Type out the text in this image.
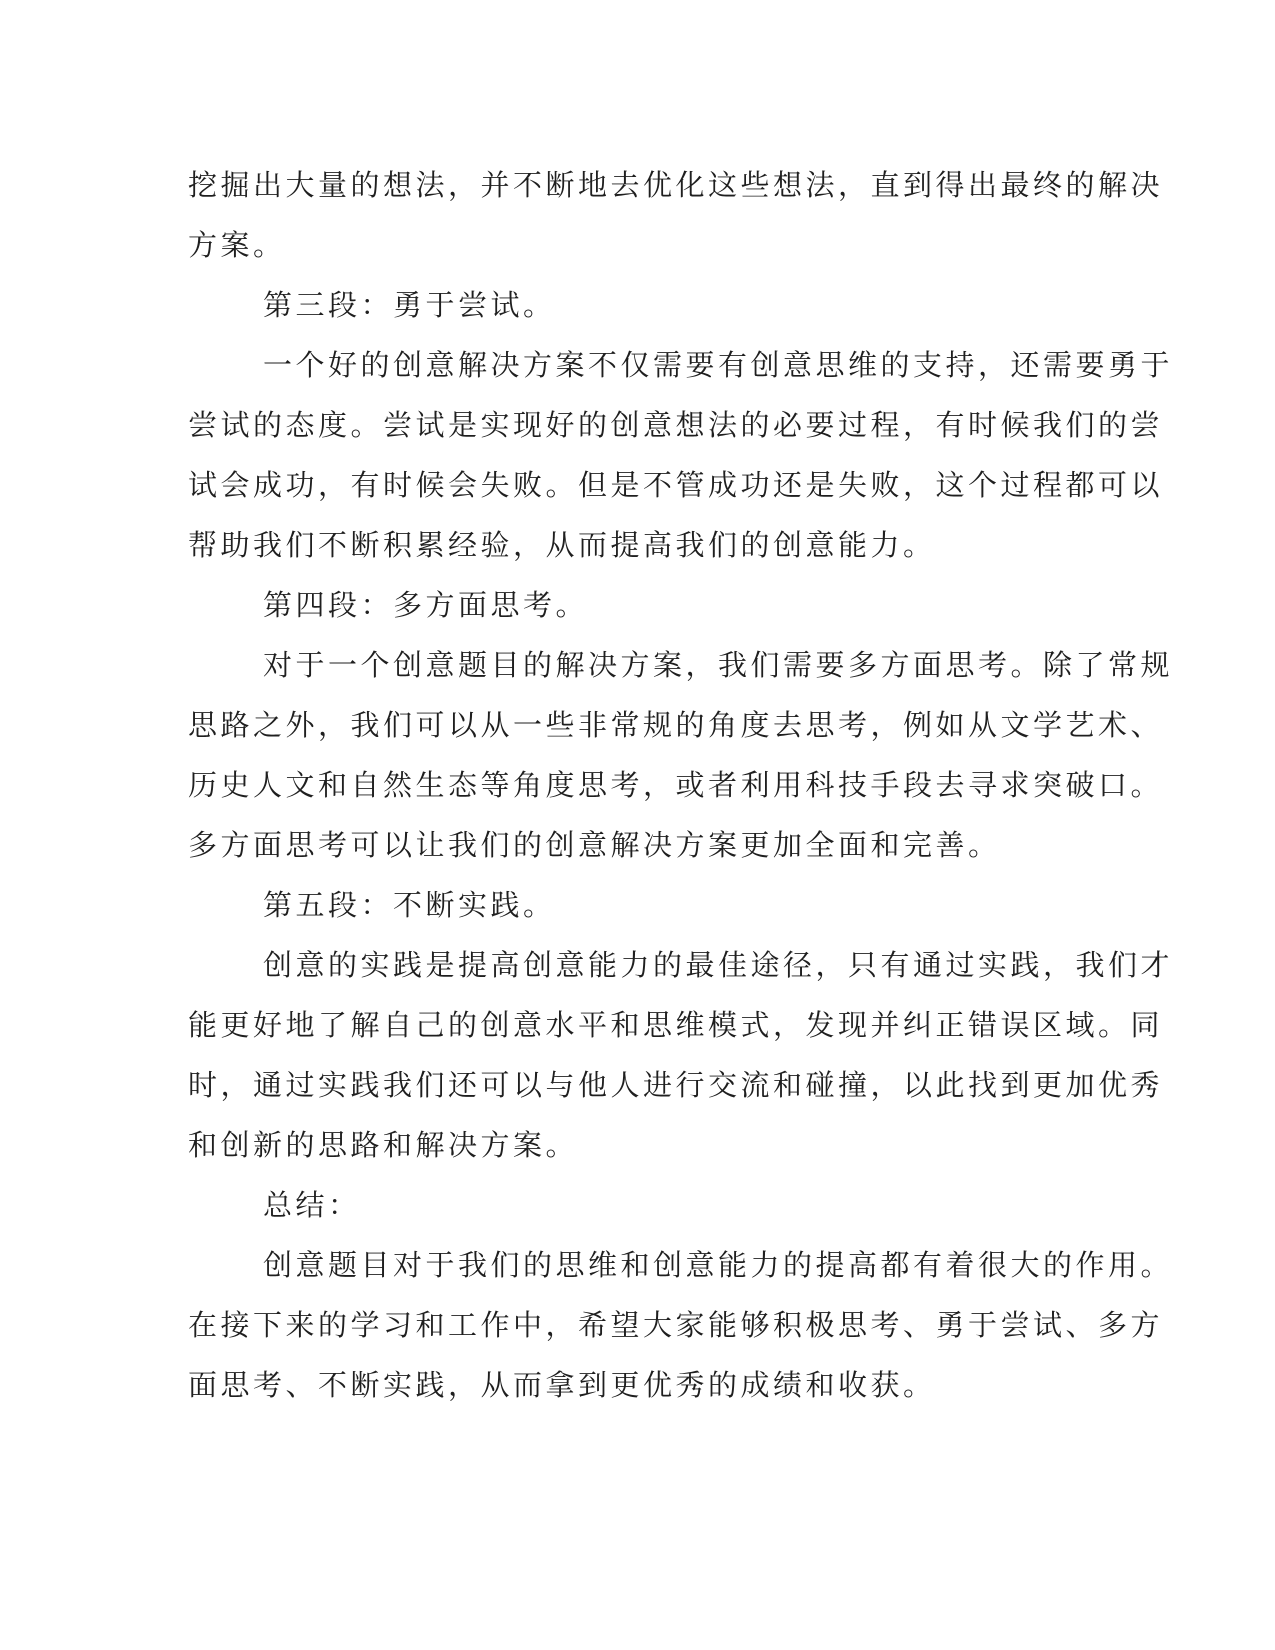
挖掘出大量的想法，并不断地去优化这些想法，直到得出最终的解决
方案。
第三段：勇于尝试。
一个好的创意解决方案不仅需要有创意思维的支持，还需要勇于
尝试的态度。尝试是实现好的创意想法的必要过程，有时候我们的尝
试会成功，有时候会失败。但是不管成功还是失败，这个过程都可以
帮助我们不断积累经验，从而提高我们的创意能力。
第四段：多方面思考。
对于一个创意题目的解决方案，我们需要多方面思考。除了常规
思路之外，我们可以从一些非常规的角度去思考，例如从文学艺术、
历史人文和自然生态等角度思考，或者利用科技手段去寻求突破口。
多方面思考可以让我们的创意解决方案更加全面和完善。
第五段：不断实践。
创意的实践是提高创意能力的最佳途径，只有通过实践，我们才
能更好地了解自己的创意水平和思维模式，发现并纠正错误区域。同
时，通过实践我们还可以与他人进行交流和碰撞，以此找到更加优秀
和创新的思路和解决方案。
总结：
创意题目对于我们的思维和创意能力的提高都有着很大的作用。
在接下来的学习和工作中，希望大家能够积极思考、勇于尝试、多方
面思考、不断实践，从而拿到更优秀的成绩和收获。
